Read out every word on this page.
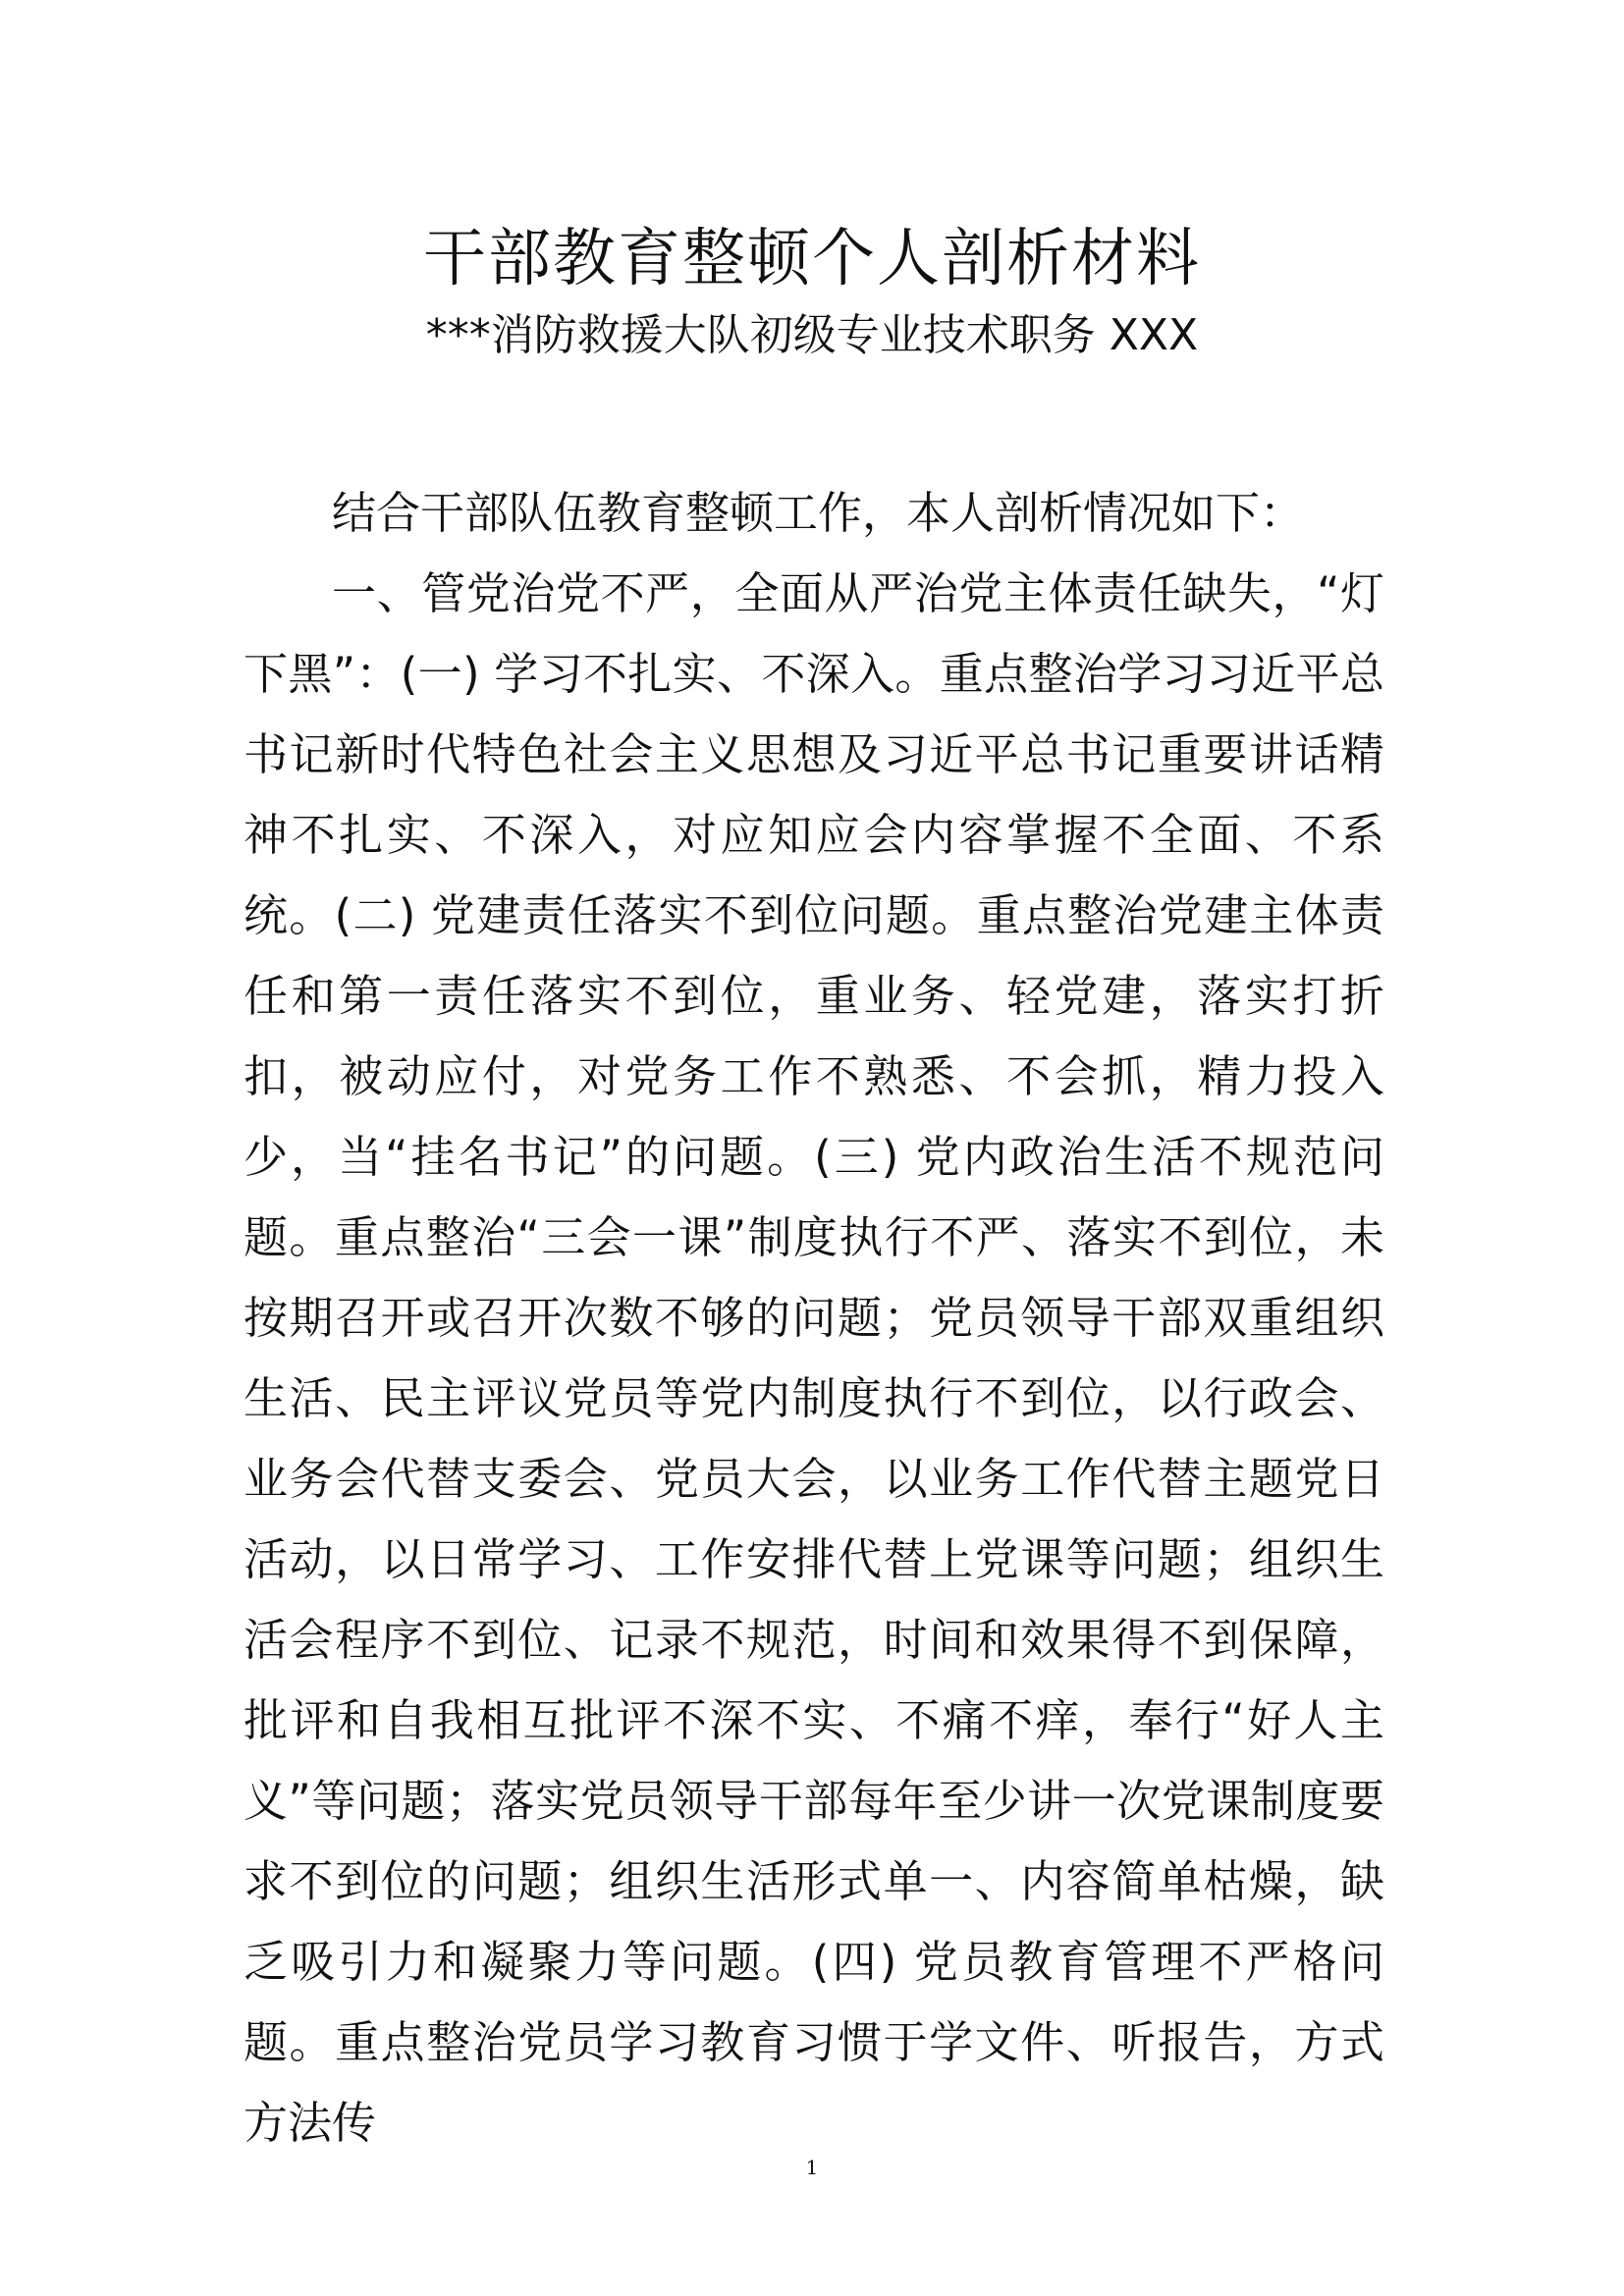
干部教育整顿个人剖析材料
***消防救援大队初级专业技术职务 XXX

结合干部队伍教育整顿工作，本人剖析情况如下：

一、管党治党不严，全面从严治党主体责任缺失，“灯下黑”：(一) 学习不扎实、不深入。重点整治学习习近平总书记新时代特色社会主义思想及习近平总书记重要讲话精神不扎实、不深入，对应知应会内容掌握不全面、不系统。(二) 党建责任落实不到位问题。重点整治党建主体责任和第一责任落实不到位，重业务、轻党建，落实打折扣，被动应付，对党务工作不熟悉、不会抓，精力投入少，当“挂名书记”的问题。(三) 党内政治生活不规范问题。重点整治“三会一课”制度执行不严、落实不到位，未按期召开或召开次数不够的问题；党员领导干部双重组织生活、民主评议党员等党内制度执行不到位，以行政会、业务会代替支委会、党员大会，以业务工作代替主题党日活动，以日常学习、工作安排代替上党课等问题；组织生活会程序不到位、记录不规范，时间和效果得不到保障，批评和自我相互批评不深不实、不痛不痒，奉行“好人主义”等问题；落实党员领导干部每年至少讲一次党课制度要求不到位的问题；组织生活形式单一、内容简单枯燥，缺乏吸引力和凝聚力等问题。(四) 党员教育管理不严格问题。重点整治党员学习教育习惯于学文件、听报告，方式方法传

1
